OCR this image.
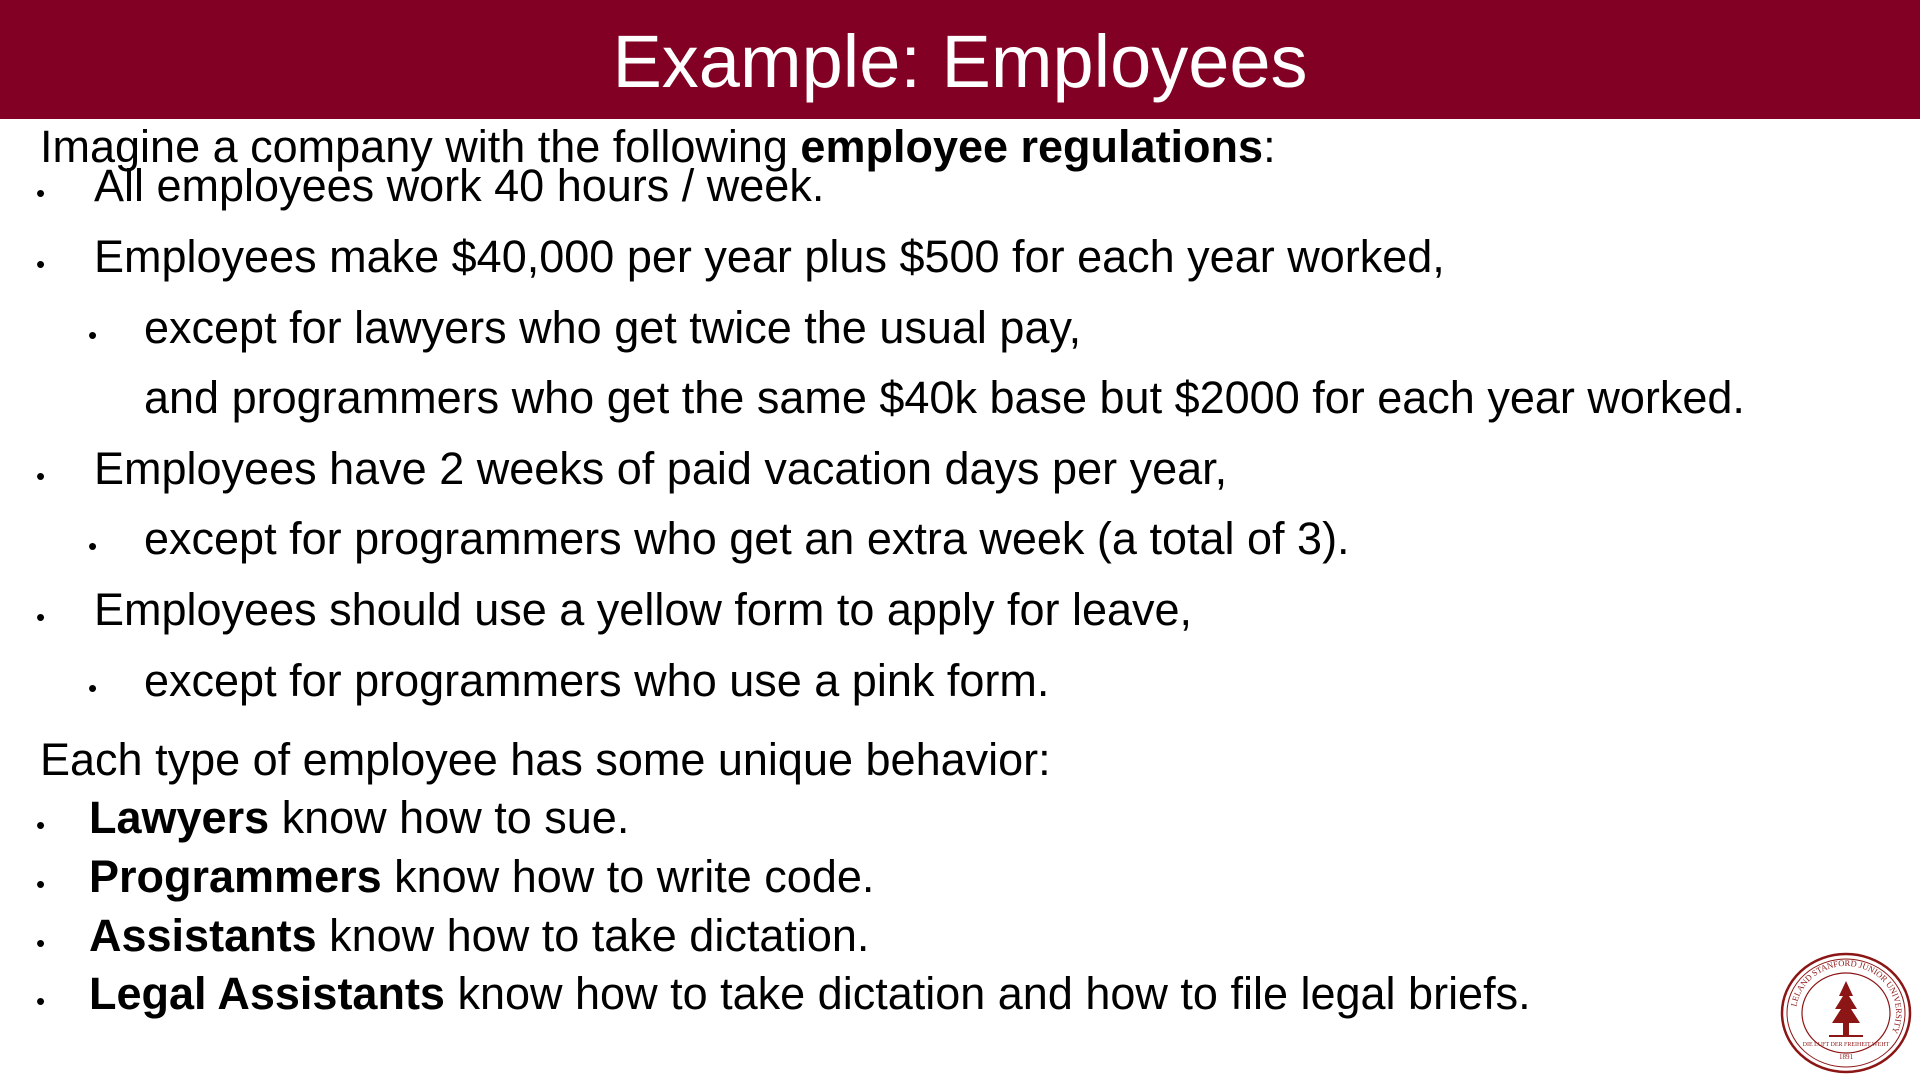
Example: Employees
Imagine a company with the following employee regulations:
• All employees work 40 hours / week.
• Employees make $40,000 per year plus $500 for each year worked,
• except for lawyers who get twice the usual pay,
and programmers who get the same $40k base but $2000 for each year worked.
• Employees have 2 weeks of paid vacation days per year,
• except for programmers who get an extra week (a total of 3).
• Employees should use a yellow form to apply for leave,
• except for programmers who use a pink form.
Each type of employee has some unique behavior:
• Lawyers know how to sue.
• Programmers know how to write code.
• Assistants know how to take dictation.
• Legal Assistants know how to take dictation and how to file legal briefs.	LELAND STANFORD JUNIOR UNIVERSITY
DIE LUFT DER FREIHEIT WEHT
1891
